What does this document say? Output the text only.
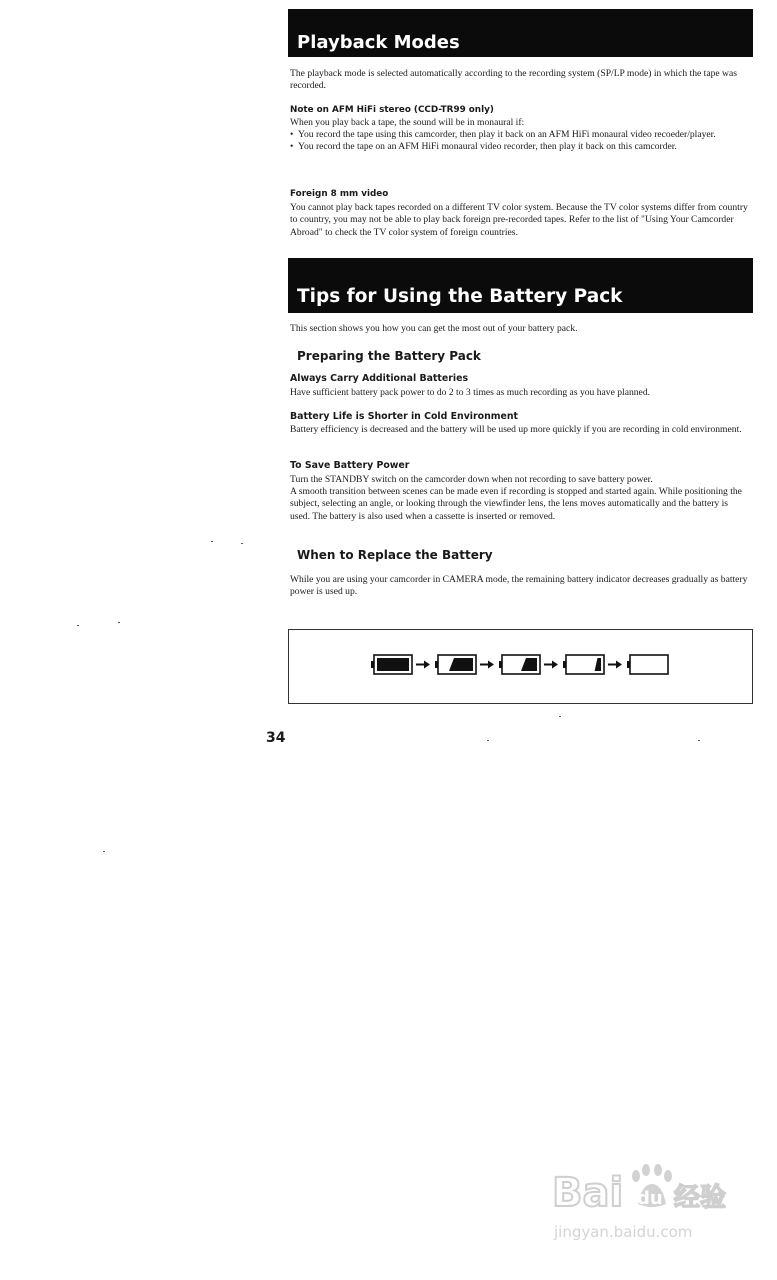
Playback Modes

The playback mode is selected automatically according to the recording system (SP/LP mode) in which the tape was recorded.

Note on AFM HiFi stereo (CCD-TR99 only)

When you play back a tape, the sound will be in monaural if:

• You record the tape using this camcorder, then play it back on an AFM HiFi monaural video recoeder/player.
• You record the tape on an AFM HiFi monaural video recorder, then play it back on this camcorder.

Foreign 8 mm video

You cannot play back tapes recorded on a different TV color system. Because the TV color systems differ from country to country, you may not be able to play back foreign pre-recorded tapes. Refer to the list of "Using Your Camcorder Abroad" to check the TV color system of foreign countries.

Tips for Using the Battery Pack

This section shows you how you can get the most out of your battery pack.

Preparing the Battery Pack

Always Carry Additional Batteries

Have sufficient battery pack power to do 2 to 3 times as much recording as you have planned.

Battery Life is Shorter in Cold Environment

Battery efficiency is decreased and the battery will be used up more quickly if you are recording in cold environment.

To Save Battery Power

Turn the STANDBY switch on the camcorder down when not recording to save battery power.

A smooth transition between scenes can be made even if recording is stopped and started again. While positioning the subject, selecting an angle, or looking through the viewfinder lens, the lens moves automatically and the battery is used. The battery is also used when a cassette is inserted or removed.

When to Replace the Battery

While you are using your camcorder in CAMERA mode, the remaining battery indicator decreases gradually as battery power is used up.

34

Bai du 经验

jingyan.baidu.com
